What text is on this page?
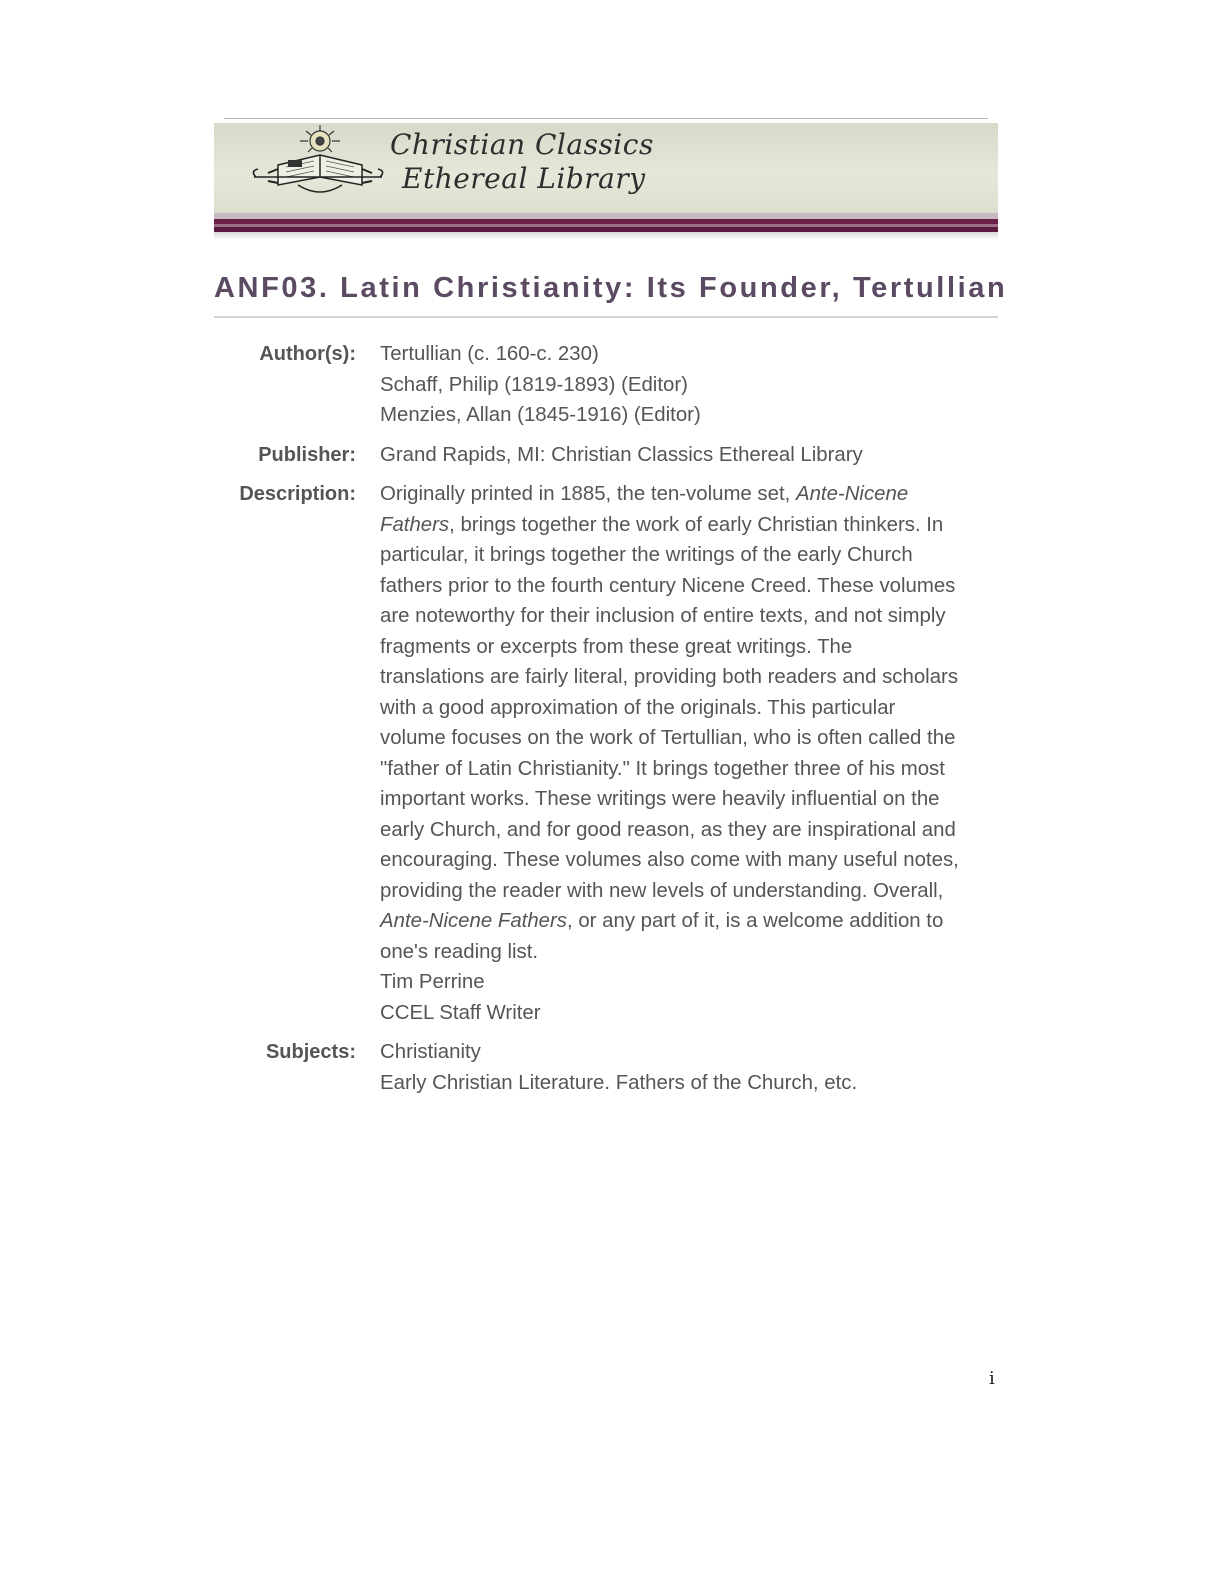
Christian Classics
Ethereal Library
ANF03. Latin Christianity: Its Founder, Tertullian
Author(s): Tertullian (c. 160-c. 230)
Schaff, Philip (1819-1893) (Editor)
Menzies, Allan (1845-1916) (Editor)
Publisher: Grand Rapids, MI: Christian Classics Ethereal Library
Description: Originally printed in 1885, the ten-volume set, Ante-Nicene Fathers, brings together the work of early Christian thinkers. In particular, it brings together the writings of the early Church fathers prior to the fourth century Nicene Creed. These volumes are noteworthy for their inclusion of entire texts, and not simply fragments or excerpts from these great writings. The translations are fairly literal, providing both readers and scholars with a good approximation of the originals. This particular volume focuses on the work of Tertullian, who is often called the "father of Latin Christianity." It brings together three of his most important works. These writings were heavily influential on the early Church, and for good reason, as they are inspirational and encouraging. These volumes also come with many useful notes, providing the reader with new levels of understanding. Overall, Ante-Nicene Fathers, or any part of it, is a welcome addition to one's reading list.
Tim Perrine
CCEL Staff Writer
Subjects: Christianity
Early Christian Literature. Fathers of the Church, etc.
i
